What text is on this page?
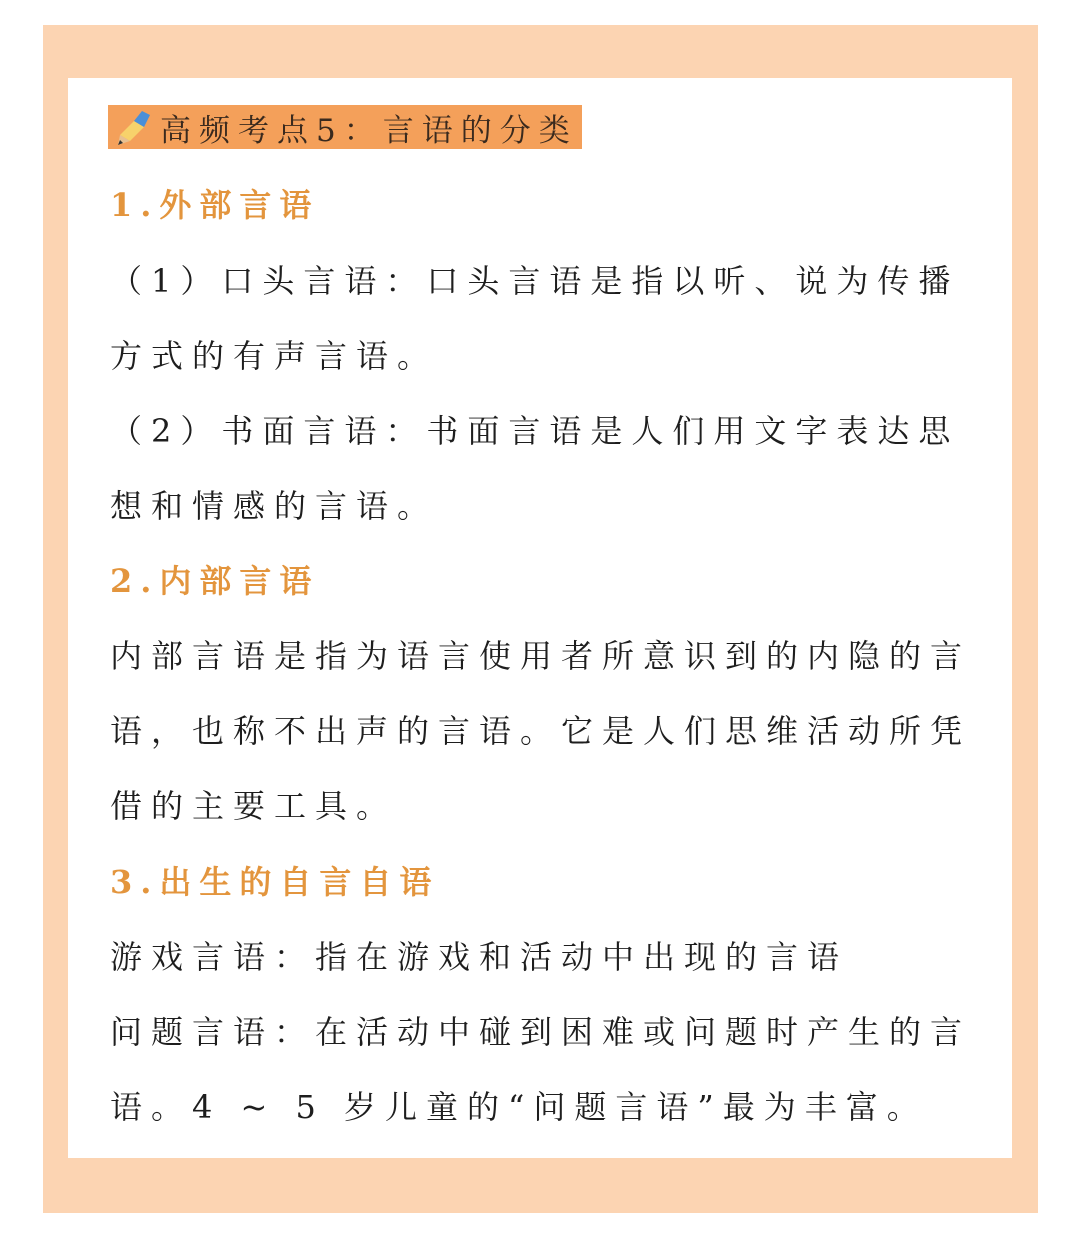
高频考点5：言语的分类
1.外部言语
（1）口头言语：口头言语是指以听、说为传播
方式的有声言语。
（2）书面言语：书面言语是人们用文字表达思
想和情感的言语。
2.内部言语
内部言语是指为语言使用者所意识到的内隐的言
语，也称不出声的言语。它是人们思维活动所凭
借的主要工具。
3.出生的自言自语
游戏言语：指在游戏和活动中出现的言语
问题言语：在活动中碰到困难或问题时产生的言
语。4 ~ 5 岁儿童的“问题言语”最为丰富。
